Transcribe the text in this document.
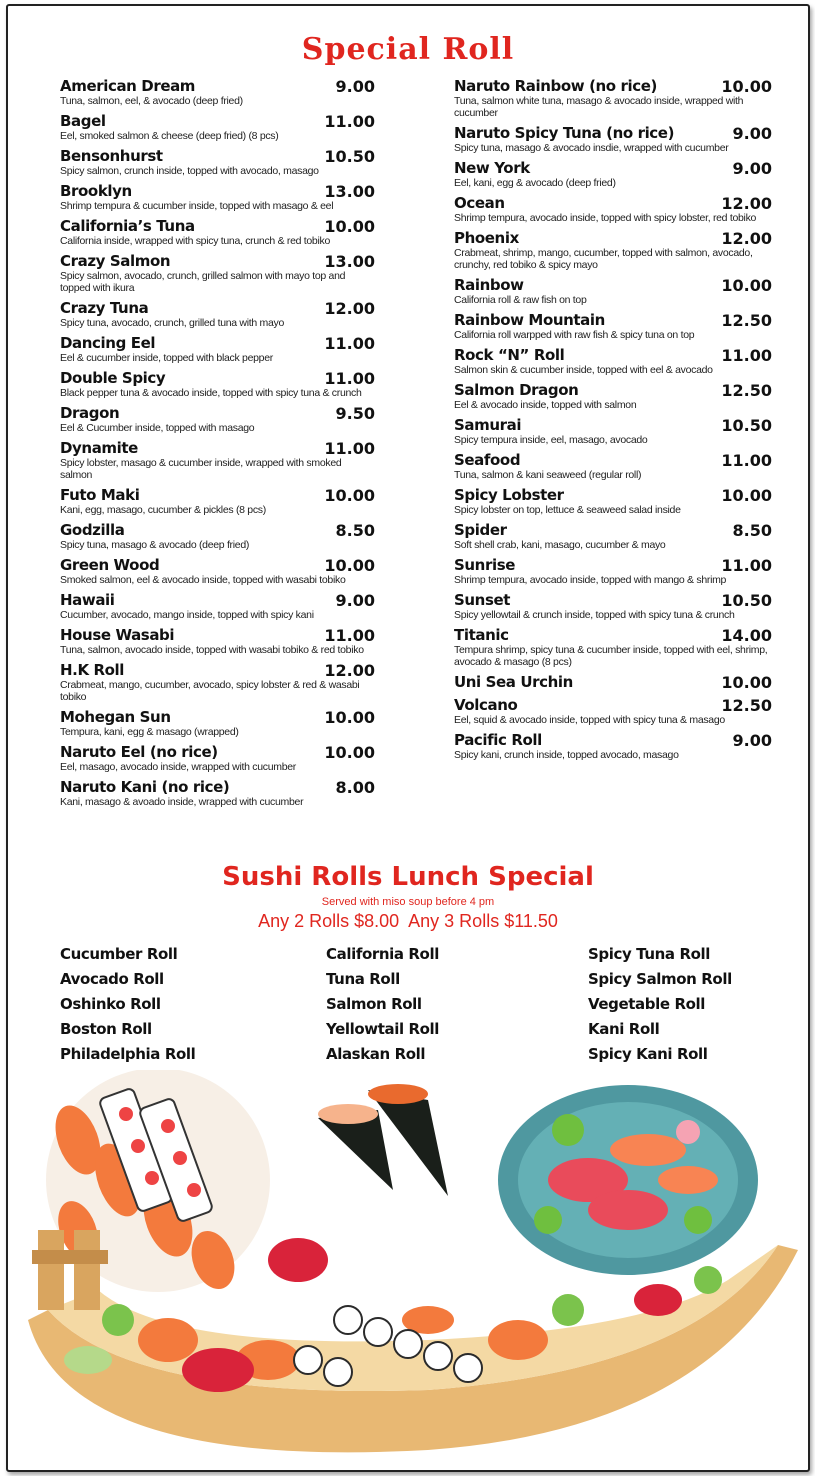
Special Roll
American Dream	9.00
Tuna, salmon, eel, & avocado (deep fried)
Bagel	11.00
Eel, smoked salmon & cheese (deep fried) (8 pcs)
Bensonhurst	10.50
Spicy salmon, crunch inside, topped with avocado, masago
Brooklyn	13.00
Shrimp tempura & cucumber inside, topped with masago & eel
California’s Tuna	10.00
California inside, wrapped with spicy tuna, crunch & red tobiko
Crazy Salmon	13.00
Spicy salmon, avocado, crunch, grilled salmon with mayo top and topped with ikura
Crazy Tuna	12.00
Spicy tuna, avocado, crunch, grilled tuna with mayo
Dancing Eel	11.00
Eel & cucumber inside, topped with black pepper
Double Spicy	11.00
Black pepper tuna & avocado inside, topped with spicy tuna & crunch
Dragon	9.50
Eel & Cucumber inside, topped with masago
Dynamite	11.00
Spicy lobster, masago & cucumber inside, wrapped with smoked salmon
Futo Maki	10.00
Kani, egg, masago, cucumber & pickles (8 pcs)
Godzilla	8.50
Spicy tuna, masago & avocado (deep fried)
Green Wood	10.00
Smoked salmon, eel & avocado inside, topped with wasabi tobiko
Hawaii	9.00
Cucumber, avocado, mango inside, topped with spicy kani
House Wasabi	11.00
Tuna, salmon, avocado inside, topped with wasabi tobiko & red tobiko
H.K Roll	12.00
Crabmeat, mango, cucumber, avocado, spicy lobster & red & wasabi tobiko
Mohegan Sun	10.00
Tempura, kani, egg & masago (wrapped)
Naruto Eel (no rice)	10.00
Eel, masago, avocado inside, wrapped with cucumber
Naruto Kani (no rice)	8.00
Kani, masago & avoado inside, wrapped with cucumber
Naruto Rainbow (no rice)	10.00
Tuna, salmon white tuna, masago & avocado inside, wrapped with cucumber
Naruto Spicy Tuna (no rice)	9.00
Spicy tuna, masago & avocado insdie, wrapped with cucumber
New York	9.00
Eel, kani, egg & avocado (deep fried)
Ocean	12.00
Shrimp tempura, avocado inside, topped with spicy lobster, red tobiko
Phoenix	12.00
Crabmeat, shrimp, mango, cucumber, topped with salmon, avocado, crunchy, red tobiko & spicy mayo
Rainbow	10.00
California roll & raw fish on top
Rainbow Mountain	12.50
California roll warpped with raw fish & spicy tuna on top
Rock “N” Roll	11.00
Salmon skin & cucumber inside, topped with eel & avocado
Salmon Dragon	12.50
Eel & avocado inside, topped with salmon
Samurai	10.50
Spicy tempura inside, eel, masago, avocado
Seafood	11.00
Tuna, salmon & kani seaweed (regular roll)
Spicy Lobster	10.00
Spicy lobster on top, lettuce & seaweed salad inside
Spider	8.50
Soft shell crab, kani, masago, cucumber & mayo
Sunrise	11.00
Shrimp tempura, avocado inside, topped with mango & shrimp
Sunset	10.50
Spicy yellowtail & crunch inside, topped with spicy tuna & crunch
Titanic	14.00
Tempura shrimp, spicy tuna & cucumber inside, topped with eel, shrimp, avocado & masago (8 pcs)
Uni Sea Urchin	10.00
Volcano	12.50
Eel, squid & avocado inside, topped with spicy tuna & masago
Pacific Roll	9.00
Spicy kani, crunch inside, topped avocado, masago
Sushi Rolls Lunch Special
Served with miso soup before 4 pm
Any 2 Rolls $8.00  Any 3 Rolls $11.50
Cucumber Roll
Avocado Roll
Oshinko Roll
Boston Roll
Philadelphia Roll
California Roll
Tuna Roll
Salmon Roll
Yellowtail Roll
Alaskan Roll
Spicy Tuna Roll
Spicy Salmon Roll
Vegetable Roll
Kani Roll
Spicy Kani Roll
